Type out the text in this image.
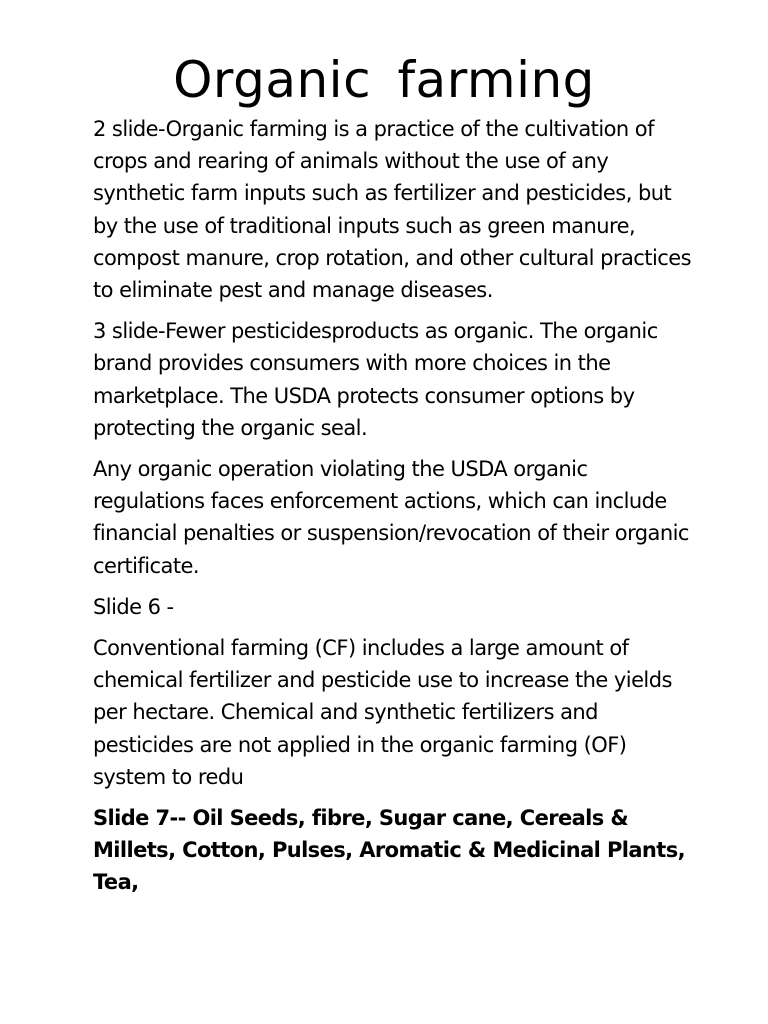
Organic farming

2 slide-Organic farming is a practice of the cultivation of crops and rearing of animals without the use of any synthetic farm inputs such as fertilizer and pesticides, but by the use of traditional inputs such as green manure, compost manure, crop rotation, and other cultural practices to eliminate pest and manage diseases.

3 slide-Fewer pesticidesproducts as organic. The organic brand provides consumers with more choices in the marketplace. The USDA protects consumer options by protecting the organic seal.

Any organic operation violating the USDA organic regulations faces enforcement actions, which can include financial penalties or suspension/revocation of their organic certificate.

Slide 6 -

Conventional farming (CF) includes a large amount of chemical fertilizer and pesticide use to increase the yields per hectare. Chemical and synthetic fertilizers and pesticides are not applied in the organic farming (OF) system to redu

Slide 7-- Oil Seeds, fibre, Sugar cane, Cereals & Millets, Cotton, Pulses, Aromatic & Medicinal Plants, Tea,
